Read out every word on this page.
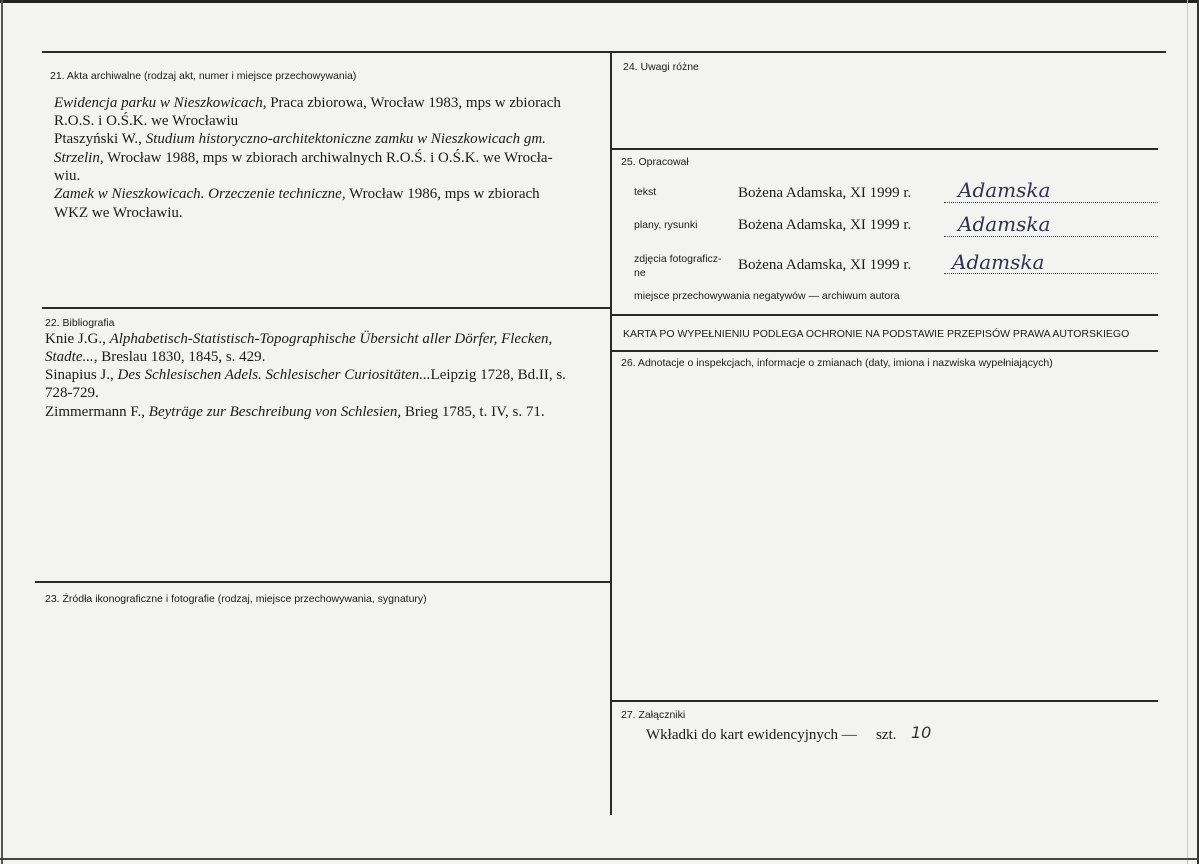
21. Akta archiwalne (rodzaj akt, numer i miejsce przechowywania)
Ewidencja parku w Nieszkowicach, Praca zbiorowa, Wrocław 1983, mps w zbiorach
R.O.S. i O.Ś.K. we Wrocławiu
Ptaszyński W., Studium historyczno-architektoniczne zamku w Nieszkowicach gm.
Strzelin, Wrocław 1988, mps w zbiorach archiwalnych R.O.Ś. i O.Ś.K. we Wrocła-
wiu.
Zamek w Nieszkowicach. Orzeczenie techniczne, Wrocław 1986, mps w zbiorach
WKZ we Wrocławiu.
22. Bibliografia
Knie J.G., Alphabetisch-Statistisch-Topographische Übersicht aller Dörfer, Flecken,
Stadte..., Breslau 1830, 1845, s. 429.
Sinapius J., Des Schlesischen Adels. Schlesischer Curiositäten...Leipzig 1728, Bd.II, s.
728-729.
Zimmermann F., Beyträge zur Beschreibung von Schlesien, Brieg 1785, t. IV, s. 71.
23. Źródła ikonograficzne i fotografie (rodzaj, miejsce przechowywania, sygnatury)
24. Uwagi różne
25. Opracował
tekst	Bożena Adamska, XI 1999 r. Adamska
plany, rysunki	Bożena Adamska, XI 1999 r. Adamska
zdjęcia fotograficz-
ne	Bożena Adamska, XI 1999 r. Adamska
miejsce przechowywania negatywów — archiwum autora
KARTA PO WYPEŁNIENIU PODLEGA OCHRONIE NA PODSTAWIE PRZEPISÓW PRAWA AUTORSKIEGO
26. Adnotacje o inspekcjach, informacje o zmianach (daty, imiona i nazwiska wypełniających)
27. Załączniki
Wkładki do kart ewidencyjnych — szt. 10
